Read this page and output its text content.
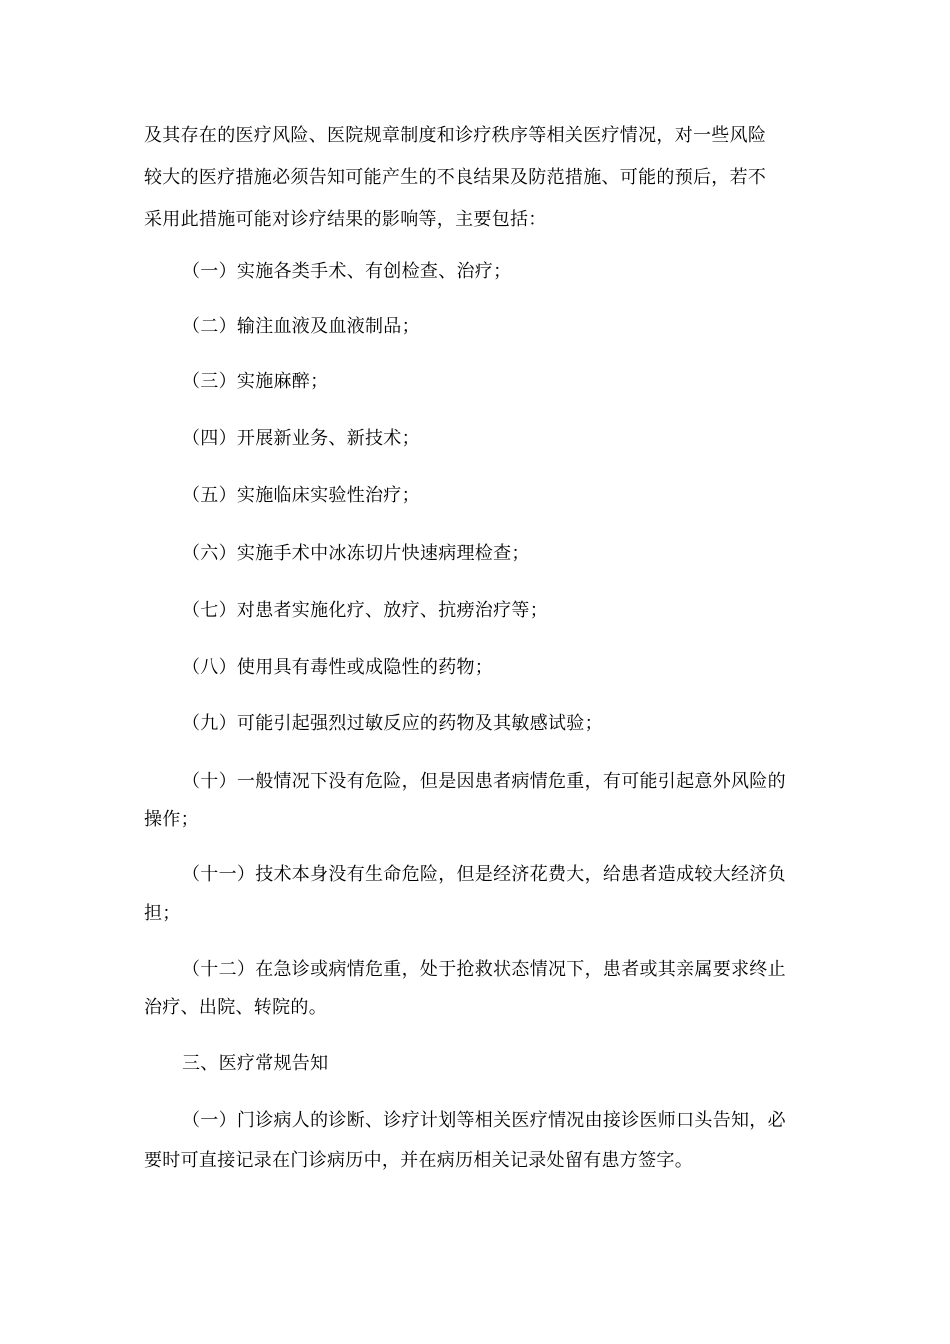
及其存在的医疗风险、医院规章制度和诊疗秩序等相关医疗情况，对一些风险

较大的医疗措施必须告知可能产生的不良结果及防范措施、可能的预后，若不

采用此措施可能对诊疗结果的影响等，主要包括：

（一）实施各类手术、有创检查、治疗；

（二）输注血液及血液制品；

（三）实施麻醉；

（四）开展新业务、新技术；

（五）实施临床实验性治疗；

（六）实施手术中冰冻切片快速病理检查；

（七）对患者实施化疗、放疗、抗痨治疗等；

（八）使用具有毒性或成隐性的药物；

（九）可能引起强烈过敏反应的药物及其敏感试验；

（十）一般情况下没有危险，但是因患者病情危重，有可能引起意外风险的

操作；

（十一）技术本身没有生命危险，但是经济花费大，给患者造成较大经济负

担；

（十二）在急诊或病情危重，处于抢救状态情况下，患者或其亲属要求终止

治疗、出院、转院的。

三、医疗常规告知

（一）门诊病人的诊断、诊疗计划等相关医疗情况由接诊医师口头告知，必

要时可直接记录在门诊病历中，并在病历相关记录处留有患方签字。
